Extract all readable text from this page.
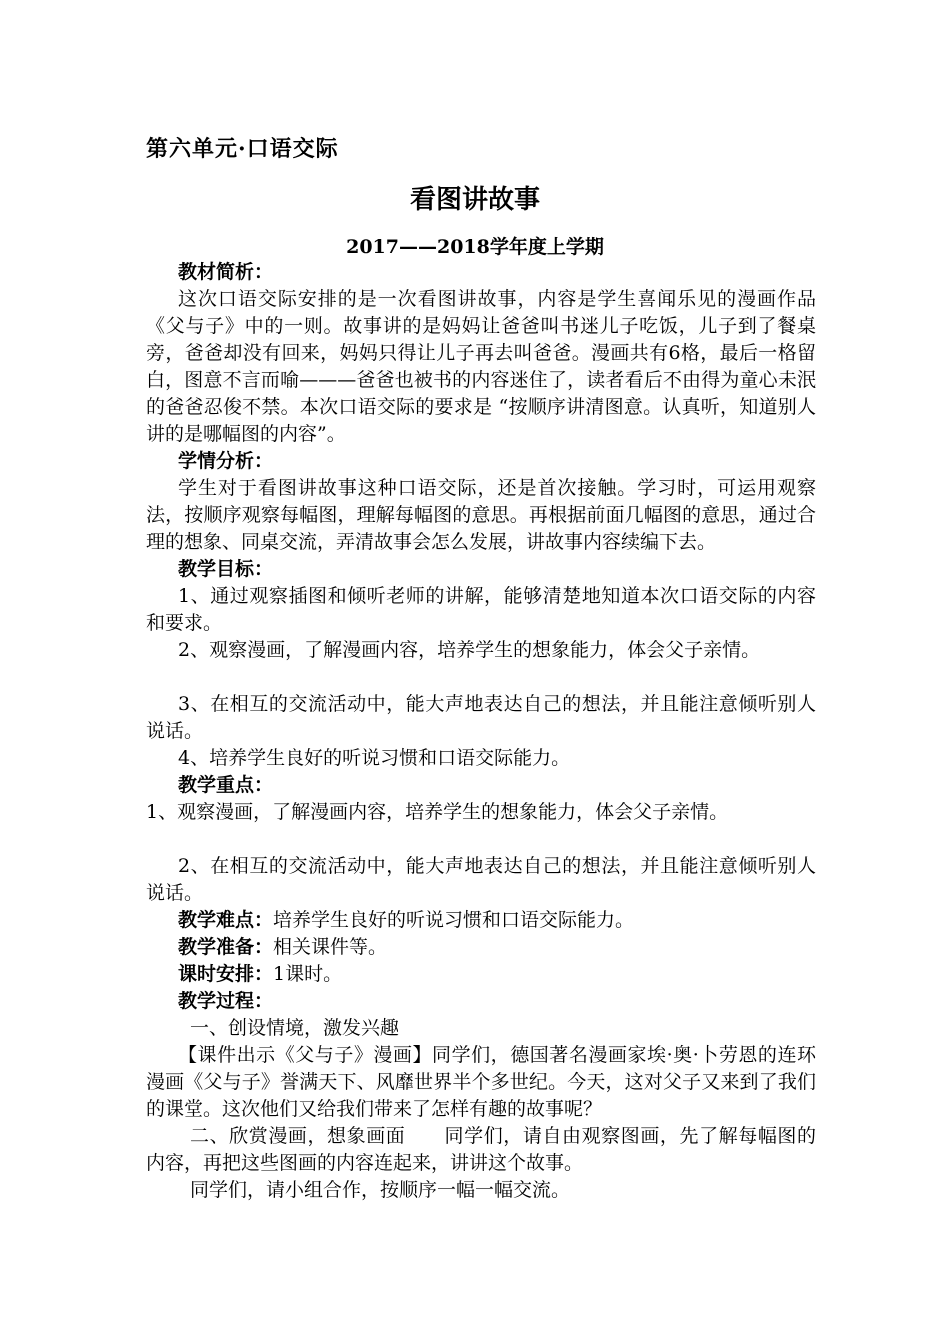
第六单元·口语交际
看图讲故事
2017——2018学年度上学期

教材简析：

这次口语交际安排的是一次看图讲故事，内容是学生喜闻乐见的漫画作品《父与子》中的一则。故事讲的是妈妈让爸爸叫书迷儿子吃饭，儿子到了餐桌旁，爸爸却没有回来，妈妈只得让儿子再去叫爸爸。漫画共有6格，最后一格留白，图意不言而喻———爸爸也被书的内容迷住了，读者看后不由得为童心未泯的爸爸忍俊不禁。本次口语交际的要求是 “按顺序讲清图意。认真听，知道别人讲的是哪幅图的内容”。

学情分析：

学生对于看图讲故事这种口语交际，还是首次接触。学习时，可运用观察法，按顺序观察每幅图，理解每幅图的意思。再根据前面几幅图的意思，通过合理的想象、同桌交流，弄清故事会怎么发展，讲故事内容续编下去。

教学目标：

1、通过观察插图和倾听老师的讲解，能够清楚地知道本次口语交际的内容和要求。

2、观察漫画，了解漫画内容，培养学生的想象能力，体会父子亲情。

3、在相互的交流活动中，能大声地表达自己的想法，并且能注意倾听别人说话。

4、培养学生良好的听说习惯和口语交际能力。

教学重点：

1、观察漫画，了解漫画内容，培养学生的想象能力，体会父子亲情。

2、在相互的交流活动中，能大声地表达自己的想法，并且能注意倾听别人说话。

教学难点：培养学生良好的听说习惯和口语交际能力。

教学准备：相关课件等。

课时安排：1课时。

教学过程：

一、创设情境，激发兴趣

【课件出示《父与子》漫画】同学们，德国著名漫画家埃·奥·卜劳恩的连环漫画《父与子》誉满天下、风靡世界半个多世纪。今天，这对父子又来到了我们的课堂。这次他们又给我们带来了怎样有趣的故事呢？

二、欣赏漫画，想象画面　　同学们，请自由观察图画，先了解每幅图的内容，再把这些图画的内容连起来，讲讲这个故事。

同学们，请小组合作，按顺序一幅一幅交流。
